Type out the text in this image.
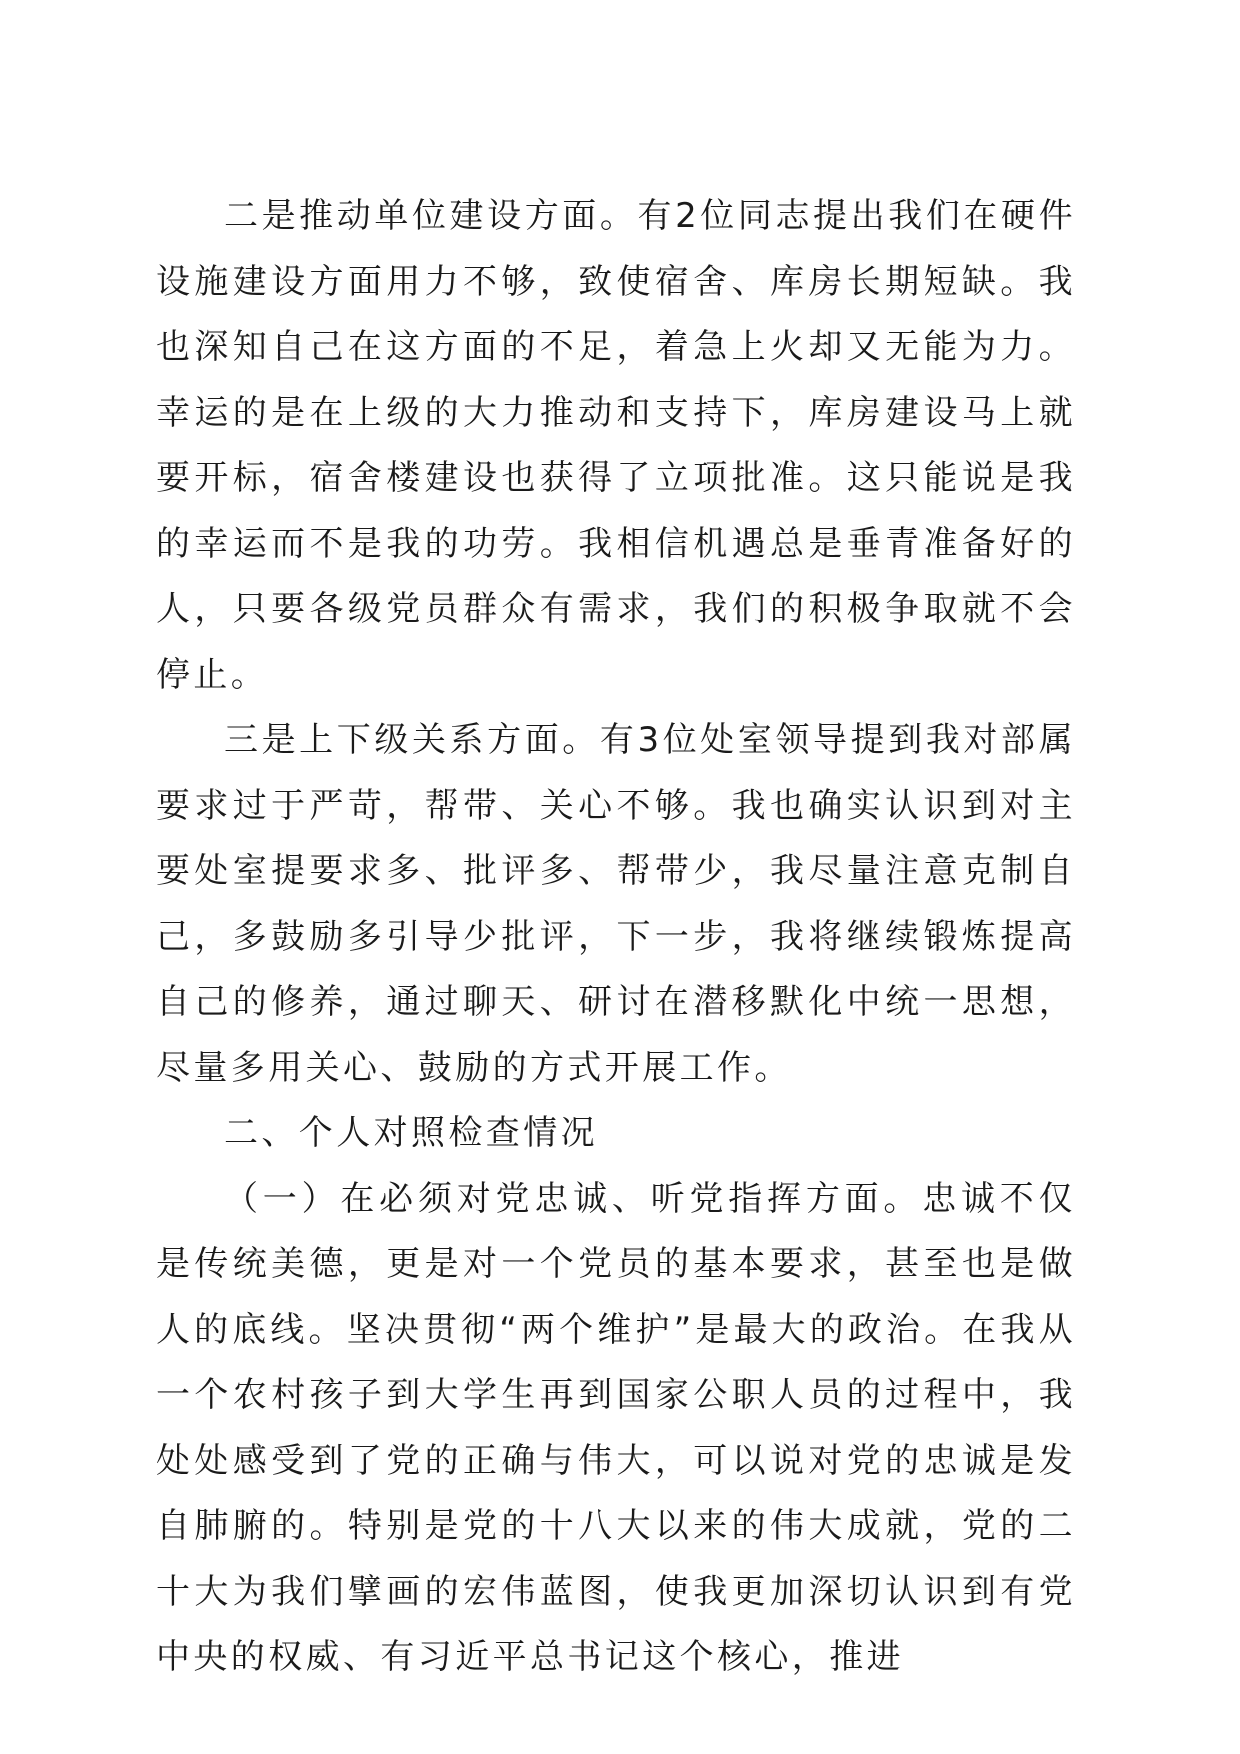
二是推动单位建设方面。有2位同志提出我们在硬件设施建设方面用力不够，致使宿舍、库房长期短缺。我也深知自己在这方面的不足，着急上火却又无能为力。幸运的是在上级的大力推动和支持下，库房建设马上就要开标，宿舍楼建设也获得了立项批准。这只能说是我的幸运而不是我的功劳。我相信机遇总是垂青准备好的人，只要各级党员群众有需求，我们的积极争取就不会停止。

三是上下级关系方面。有3位处室领导提到我对部属要求过于严苛，帮带、关心不够。我也确实认识到对主要处室提要求多、批评多、帮带少，我尽量注意克制自己，多鼓励多引导少批评，下一步，我将继续锻炼提高自己的修养，通过聊天、研讨在潜移默化中统一思想，尽量多用关心、鼓励的方式开展工作。

二、个人对照检查情况

（一）在必须对党忠诚、听党指挥方面。忠诚不仅是传统美德，更是对一个党员的基本要求，甚至也是做人的底线。坚决贯彻“两个维护”是最大的政治。在我从一个农村孩子到大学生再到国家公职人员的过程中，我处处感受到了党的正确与伟大，可以说对党的忠诚是发自肺腑的。特别是党的十八大以来的伟大成就，党的二十大为我们擘画的宏伟蓝图，使我更加深切认识到有党中央的权威、有习近平总书记这个核心，推进
